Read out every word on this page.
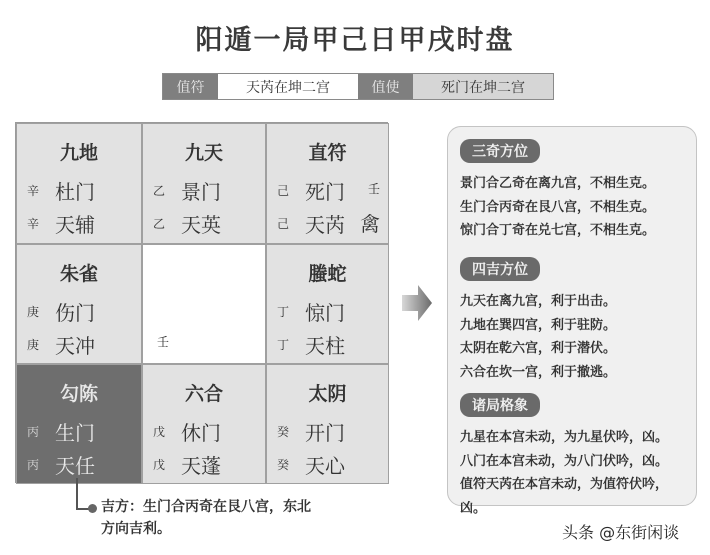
阳遁一局甲己日甲戌时盘
值符	天芮在坤二宫	值使	死门在坤二宫
九地
辛 杜门
辛 天辅
九天
乙 景门
乙 天英
直符
己 死门
己 天芮
壬
禽
朱雀
庚 伤门
庚 天冲	壬
螣蛇
丁 惊门
丁 天柱
勾陈
丙 生门
丙 天任
六合
戊 休门
戊 天蓬
太阴
癸 开门
癸 天心
吉方：生门合丙奇在艮八宫，东北方向吉利。
三奇方位
景门合乙奇在离九宫，不相生克。
生门合丙奇在艮八宫，不相生克。
惊门合丁奇在兑七宫，不相生克。
四吉方位
九天在离九宫，利于出击。
九地在巽四宫，利于驻防。
太阴在乾六宫，利于潜伏。
六合在坎一宫，利于撤逃。
诸局格象
九星在本宫未动，为九星伏吟，凶。
八门在本宫未动，为八门伏吟，凶。
值符天芮在本宫未动，为值符伏吟，凶。
头条 @东街闲谈
